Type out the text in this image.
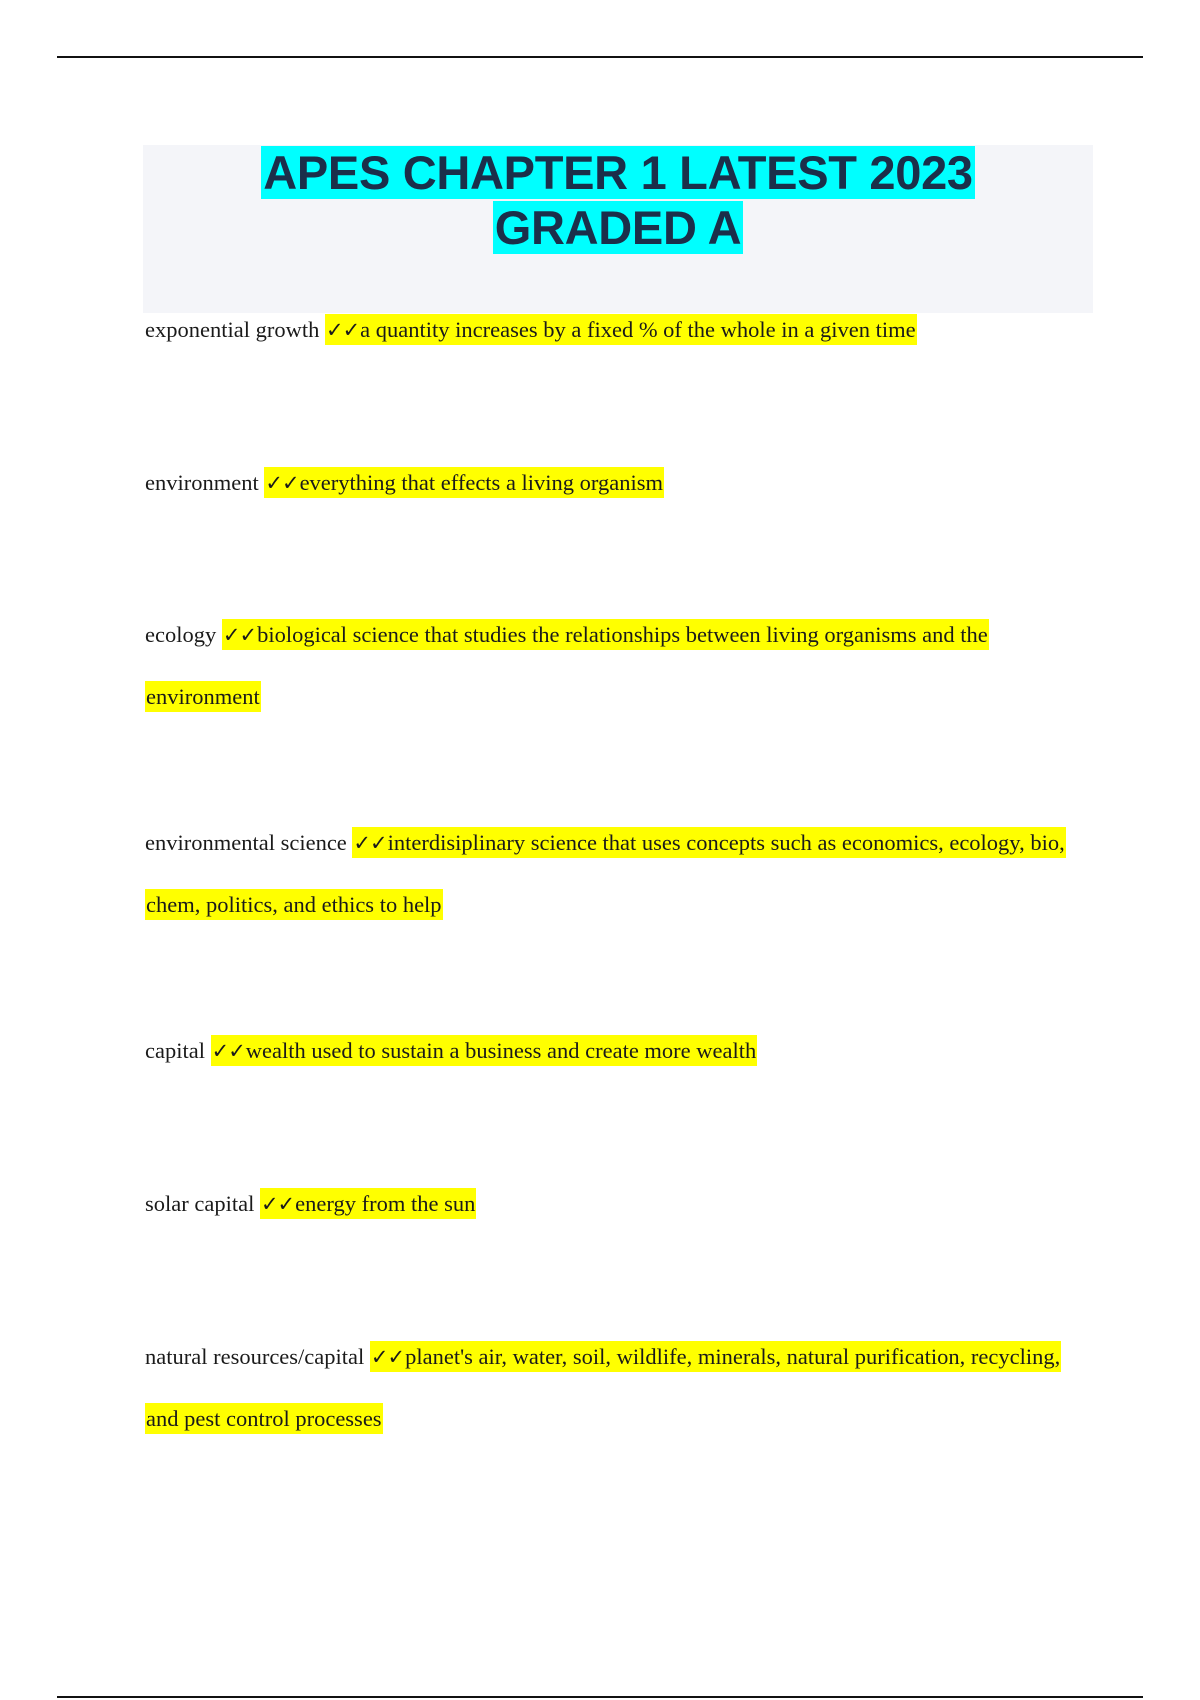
APES CHAPTER 1 LATEST 2023
GRADED A

exponential growth ✓✓a quantity increases by a fixed % of the whole in a given time

environment ✓✓everything that effects a living organism

ecology ✓✓biological science that studies the relationships between living organisms and the environment

environmental science ✓✓interdisiplinary science that uses concepts such as economics, ecology, bio, chem, politics, and ethics to help

capital ✓✓wealth used to sustain a business and create more wealth

solar capital ✓✓energy from the sun

natural resources/capital ✓✓planet's air, water, soil, wildlife, minerals, natural purification, recycling, and pest control processes
